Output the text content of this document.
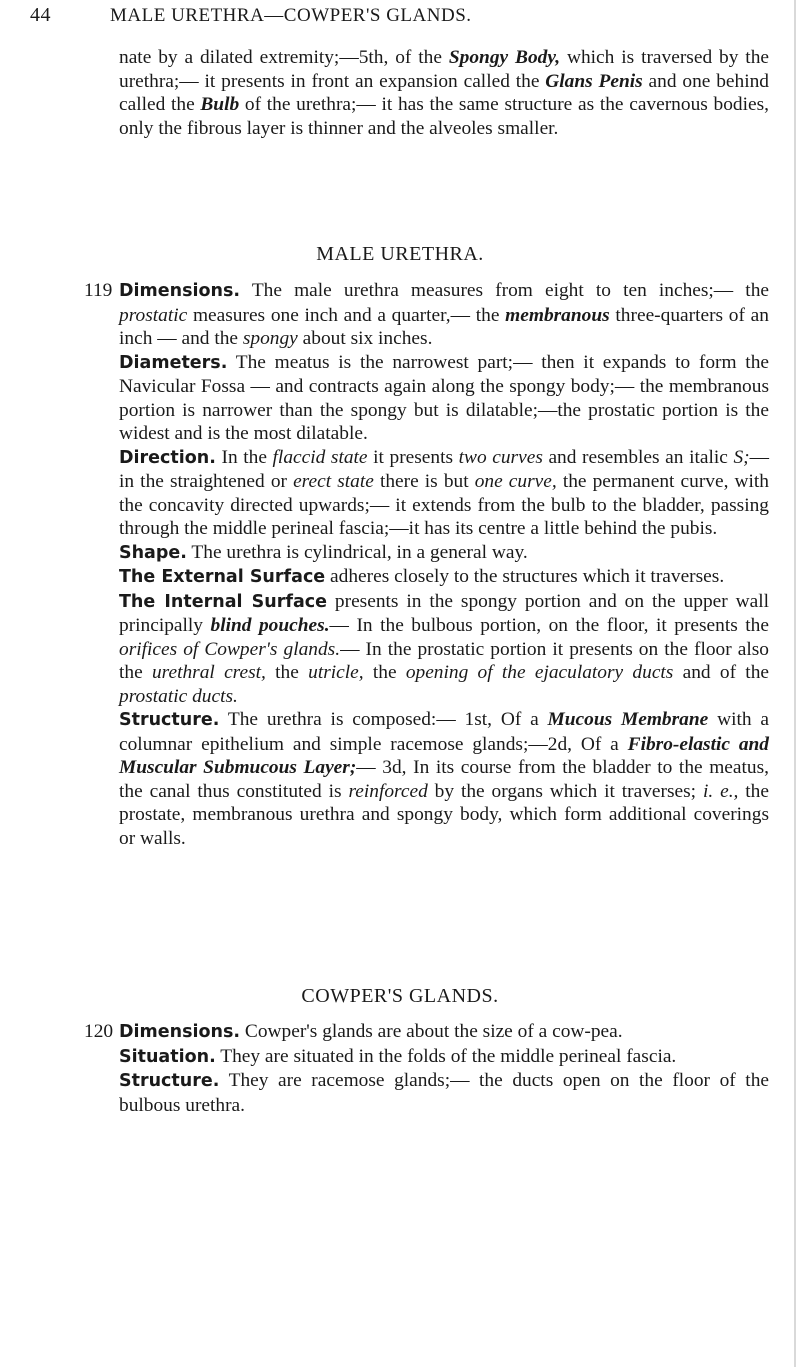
44	MALE URETHRA—COWPER'S GLANDS.

nate by a dilated extremity;—5th, of the Spongy Body, which is traversed by the urethra;— it presents in front an expansion called the Glans Penis and one behind called the Bulb of the urethra;— it has the same structure as the cavernous bodies, only the fibrous layer is thinner and the alveoles smaller.

MALE URETHRA.
119 Dimensions. The male urethra measures from eight to ten inches;— the prostatic measures one inch and a quarter,— the membranous three-quarters of an inch — and the spongy about six inches.

Diameters. The meatus is the narrowest part;— then it expands to form the Navicular Fossa — and contracts again along the spongy body;— the membranous portion is narrower than the spongy but is dilatable;—the prostatic portion is the widest and is the most dilatable.

Direction. In the flaccid state it presents two curves and resembles an italic S;— in the straightened or erect state there is but one curve, the permanent curve, with the concavity directed upwards;— it extends from the bulb to the bladder, passing through the middle perineal fascia;—it has its centre a little behind the pubis.

Shape. The urethra is cylindrical, in a general way.

The External Surface adheres closely to the structures which it traverses.

The Internal Surface presents in the spongy portion and on the upper wall principally blind pouches.— In the bulbous portion, on the floor, it presents the orifices of Cowper's glands.— In the prostatic portion it presents on the floor also the urethral crest, the utricle, the opening of the ejaculatory ducts and of the prostatic ducts.

Structure. The urethra is composed:— 1st, Of a Mucous Membrane with a columnar epithelium and simple racemose glands;—2d, Of a Fibro-elastic and Muscular Submucous Layer;— 3d, In its course from the bladder to the meatus, the canal thus constituted is reinforced by the organs which it traverses; i. e., the prostate, membranous urethra and spongy body, which form additional coverings or walls.

COWPER'S GLANDS.
120 Dimensions. Cowper's glands are about the size of a cow-pea.

Situation. They are situated in the folds of the middle perineal fascia.

Structure. They are racemose glands;— the ducts open on the floor of the bulbous urethra.
